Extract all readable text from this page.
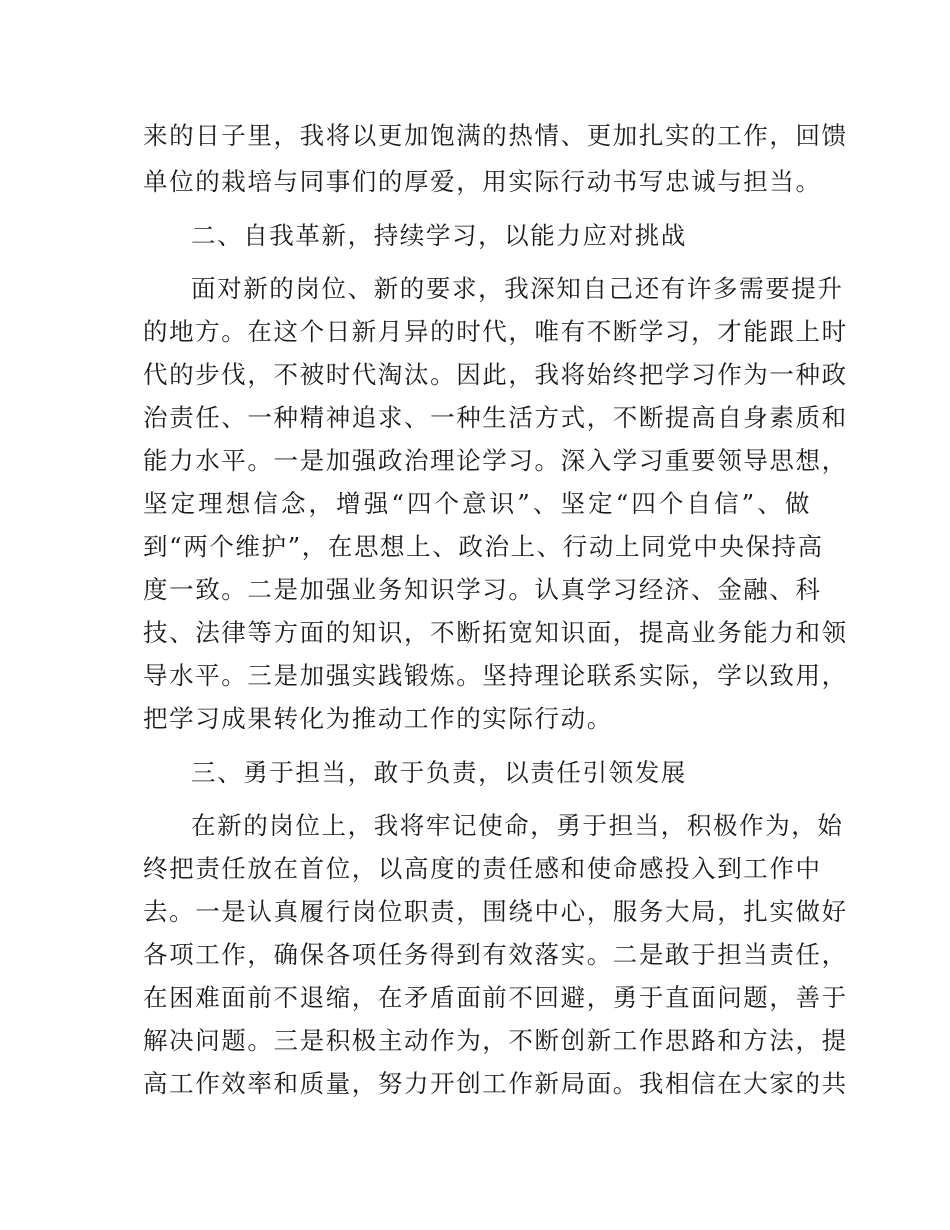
来的日子里，我将以更加饱满的热情、更加扎实的工作，回馈
单位的栽培与同事们的厚爱，用实际行动书写忠诚与担当。
二、自我革新，持续学习，以能力应对挑战
面对新的岗位、新的要求，我深知自己还有许多需要提升
的地方。在这个日新月异的时代，唯有不断学习，才能跟上时
代的步伐，不被时代淘汰。因此，我将始终把学习作为一种政
治责任、一种精神追求、一种生活方式，不断提高自身素质和
能力水平。一是加强政治理论学习。深入学习重要领导思想，
坚定理想信念，增强“四个意识”、坚定“四个自信”、做
到“两个维护”，在思想上、政治上、行动上同党中央保持高
度一致。二是加强业务知识学习。认真学习经济、金融、科
技、法律等方面的知识，不断拓宽知识面，提高业务能力和领
导水平。三是加强实践锻炼。坚持理论联系实际，学以致用，
把学习成果转化为推动工作的实际行动。
三、勇于担当，敢于负责，以责任引领发展
在新的岗位上，我将牢记使命，勇于担当，积极作为，始
终把责任放在首位，以高度的责任感和使命感投入到工作中
去。一是认真履行岗位职责，围绕中心，服务大局，扎实做好
各项工作，确保各项任务得到有效落实。二是敢于担当责任，
在困难面前不退缩，在矛盾面前不回避，勇于直面问题，善于
解决问题。三是积极主动作为，不断创新工作思路和方法，提
高工作效率和质量，努力开创工作新局面。我相信在大家的共
